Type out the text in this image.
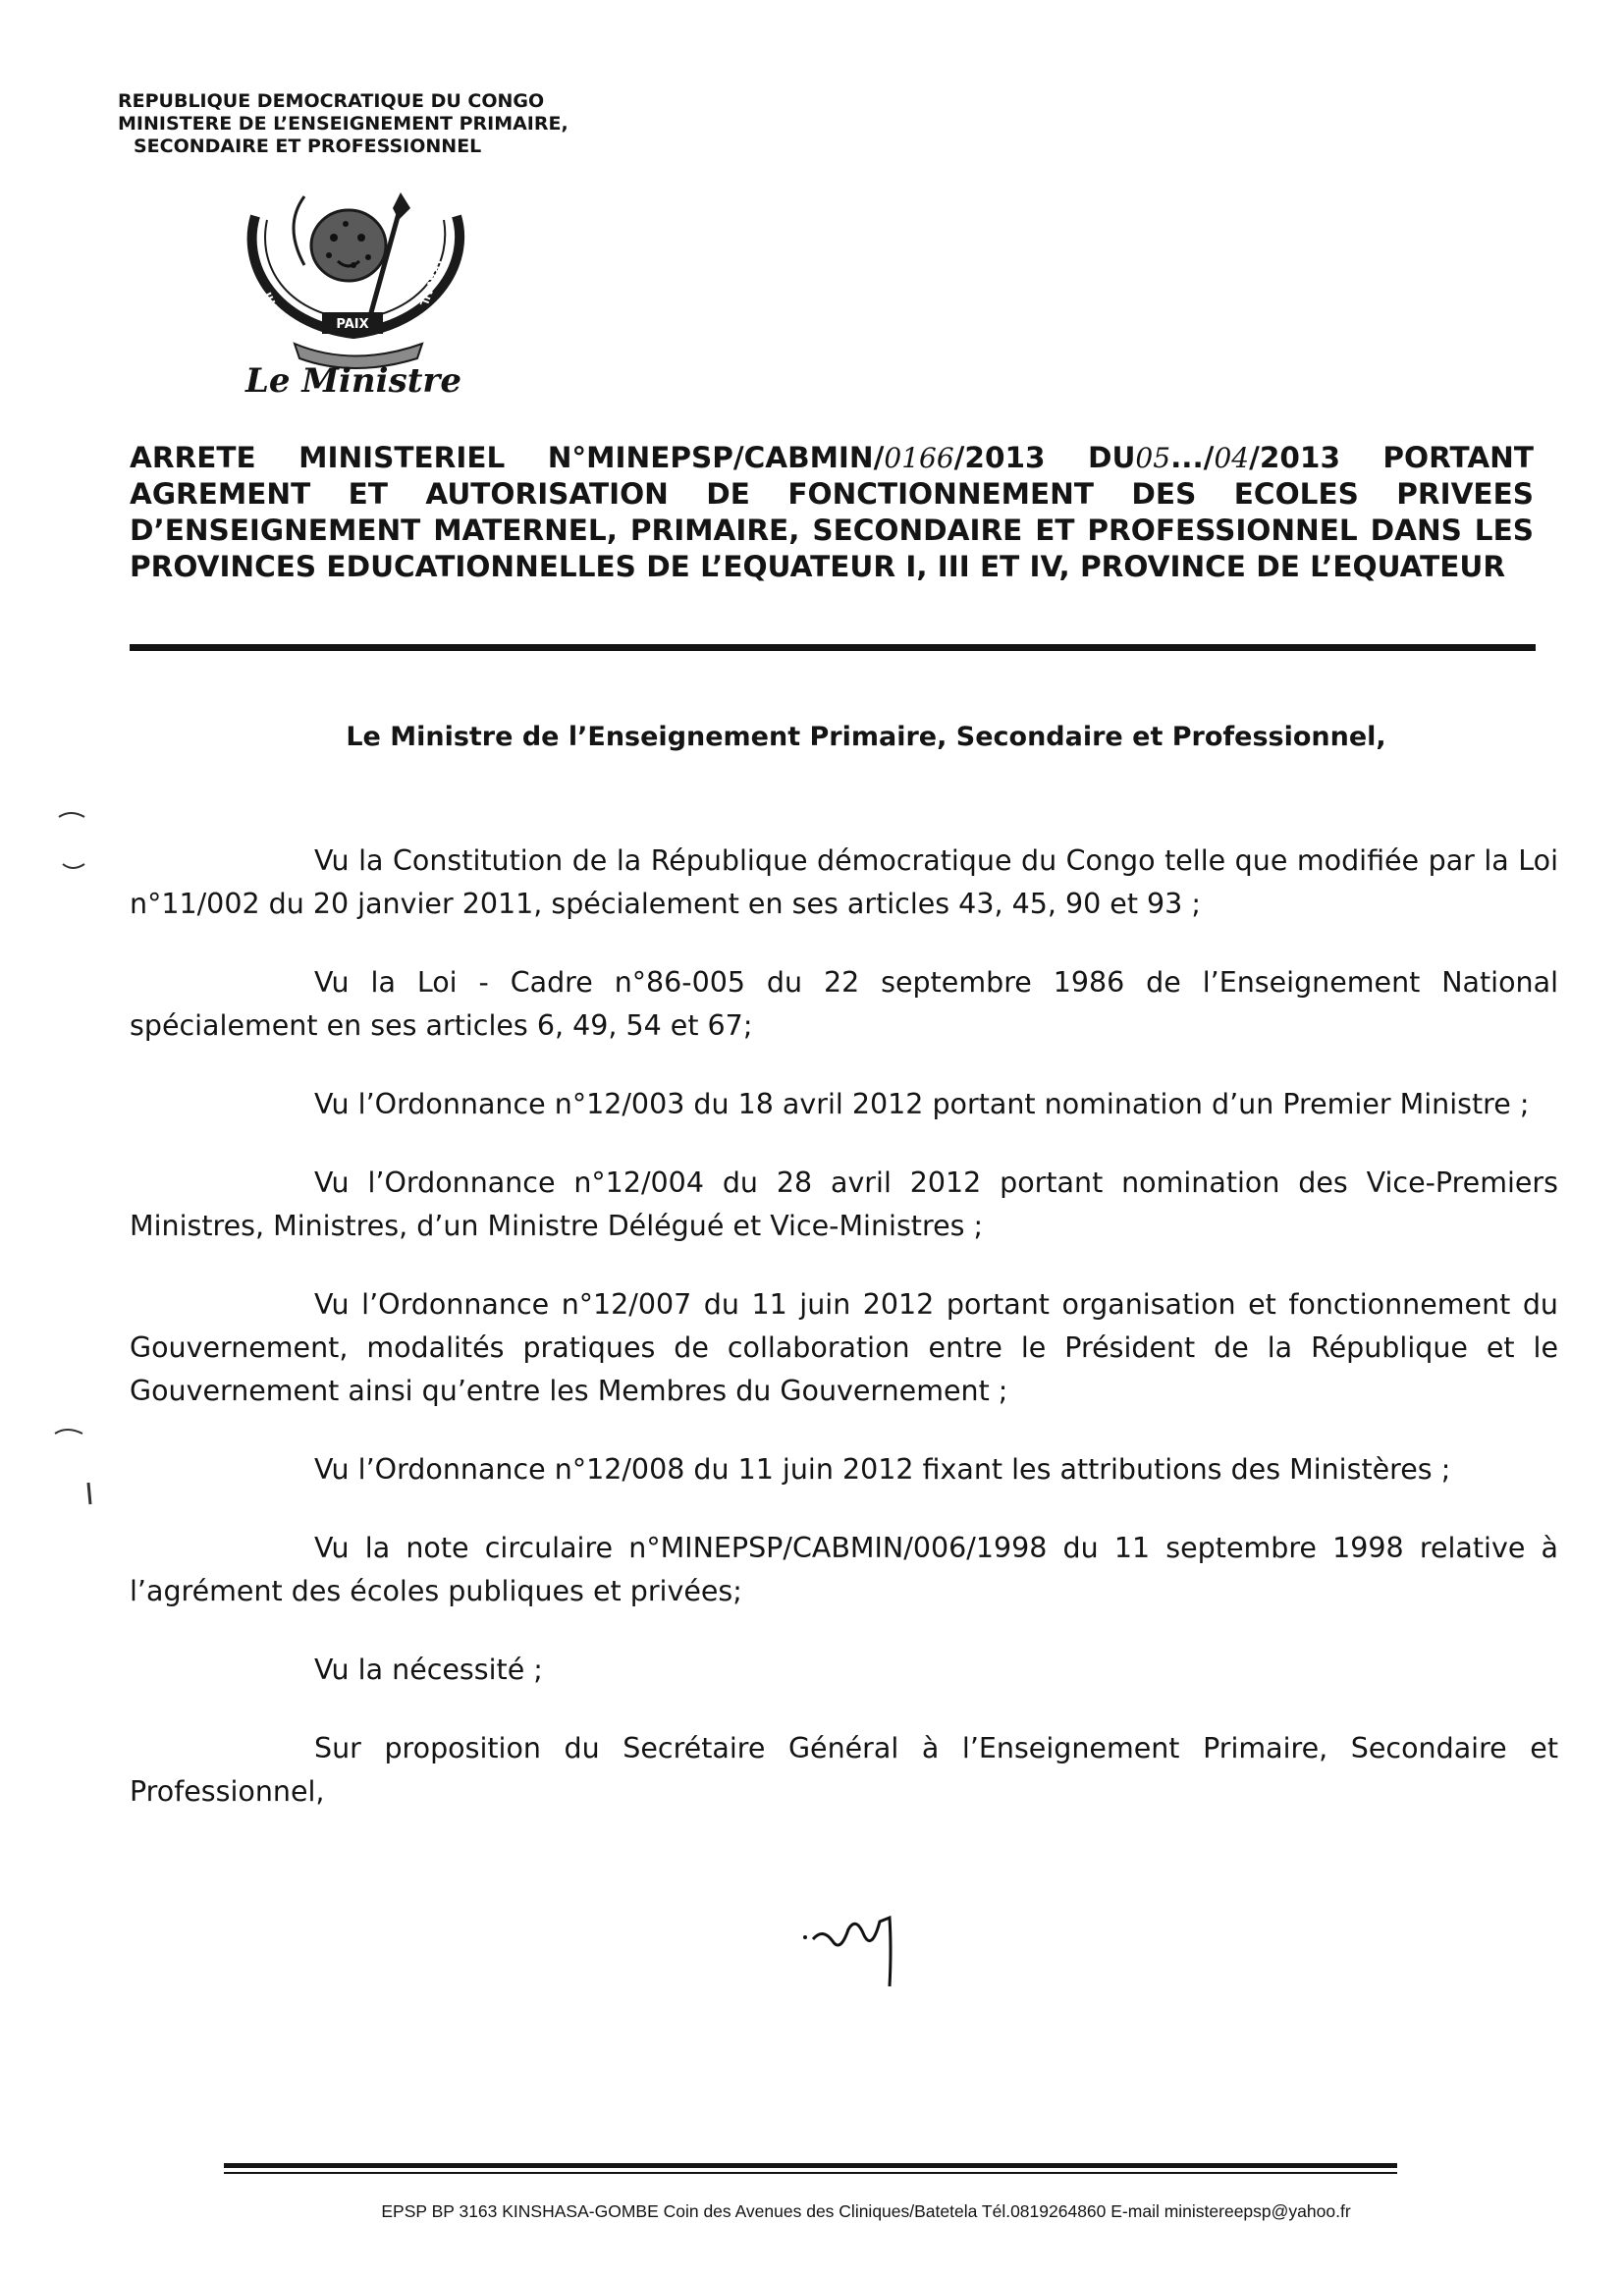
REPUBLIQUE DEMOCRATIQUE DU CONGO
MINISTERE DE L’ENSEIGNEMENT PRIMAIRE,
SECONDAIRE ET PROFESSIONNEL
PAIX
JUSTICE
TRAVAIL
Le Ministre
ARRETE MINISTERIEL N°MINEPSP/CABMIN/0166/2013 DU05.../04/2013 PORTANT AGREMENT ET AUTORISATION DE FONCTIONNEMENT DES ECOLES PRIVEES D’ENSEIGNEMENT MATERNEL, PRIMAIRE, SECONDAIRE ET PROFESSIONNEL DANS LES PROVINCES EDUCATIONNELLES DE L’EQUATEUR I, III ET IV, PROVINCE DE L’EQUATEUR
Le Ministre de l’Enseignement Primaire, Secondaire et Professionnel,

Vu la Constitution de la République démocratique du Congo telle que modifiée par la Loi n°11/002 du 20 janvier 2011, spécialement en ses articles 43, 45, 90 et 93 ;

Vu la Loi - Cadre n°86-005 du 22 septembre 1986 de l’Enseignement National spécialement en ses articles 6, 49, 54 et 67;

Vu l’Ordonnance n°12/003 du 18 avril 2012 portant nomination d’un Premier Ministre ;

Vu l’Ordonnance n°12/004 du 28 avril 2012 portant nomination des Vice-Premiers Ministres, Ministres, d’un Ministre Délégué et Vice-Ministres ;

Vu l’Ordonnance n°12/007 du 11 juin 2012 portant organisation et fonctionnement du Gouvernement, modalités pratiques de collaboration entre le Président de la République et le Gouvernement ainsi qu’entre les Membres du Gouvernement ;

Vu l’Ordonnance n°12/008 du 11 juin 2012 fixant les attributions des Ministères ;

Vu la note circulaire n°MINEPSP/CABMIN/006/1998 du 11 septembre 1998 relative à l’agrément des écoles publiques et privées;

Vu la nécessité ;

Sur proposition du Secrétaire Général à l’Enseignement Primaire, Secondaire et Professionnel,

EPSP BP 3163 KINSHASA-GOMBE Coin des Avenues des Cliniques/Batetela Tél.0819264860 E-mail ministereepsp@yahoo.fr
